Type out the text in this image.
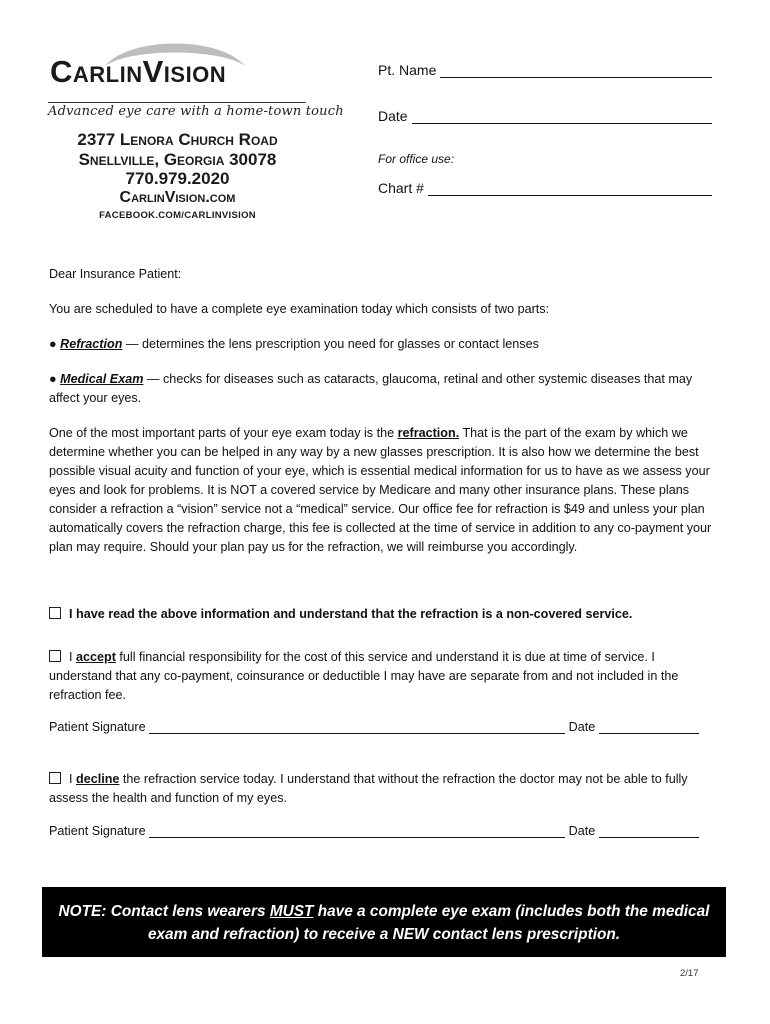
CarlinVision
Advanced eye care with a home-town touch
2377 Lenora Church Road
Snellville, Georgia 30078
770.979.2020
CarlinVision.com
FACEBOOK.COM/CARLINVISION
Pt. Name
Date
For office use:
Chart #
Dear Insurance Patient:
You are scheduled to have a complete eye examination today which consists of two parts:
● Refraction — determines the lens prescription you need for glasses or contact lenses
● Medical Exam — checks for diseases such as cataracts, glaucoma, retinal and other systemic diseases that may affect your eyes.
One of the most important parts of your eye exam today is the refraction. That is the part of the exam by which we determine whether you can be helped in any way by a new glasses prescription. It is also how we determine the best possible visual acuity and function of your eye, which is essential medical information for us to have as we assess your eyes and look for problems. It is NOT a covered service by Medicare and many other insurance plans. These plans consider a refraction a “vision” service not a “medical” service. Our office fee for refraction is $49 and unless your plan automatically covers the refraction charge, this fee is collected at the time of service in addition to any co-payment your plan may require. Should your plan pay us for the refraction, we will reimburse you accordingly.
I have read the above information and understand that the refraction is a non-covered service.
I accept full financial responsibility for the cost of this service and understand it is due at time of service. I understand that any co-payment, coinsurance or deductible I may have are separate from and not included in the refraction fee.
Patient Signature	Date
I decline the refraction service today. I understand that without the refraction the doctor may not be able to fully assess the health and function of my eyes.
Patient Signature	Date
NOTE: Contact lens wearers MUST have a complete eye exam (includes both the medical exam and refraction) to receive a NEW contact lens prescription.
2/17
